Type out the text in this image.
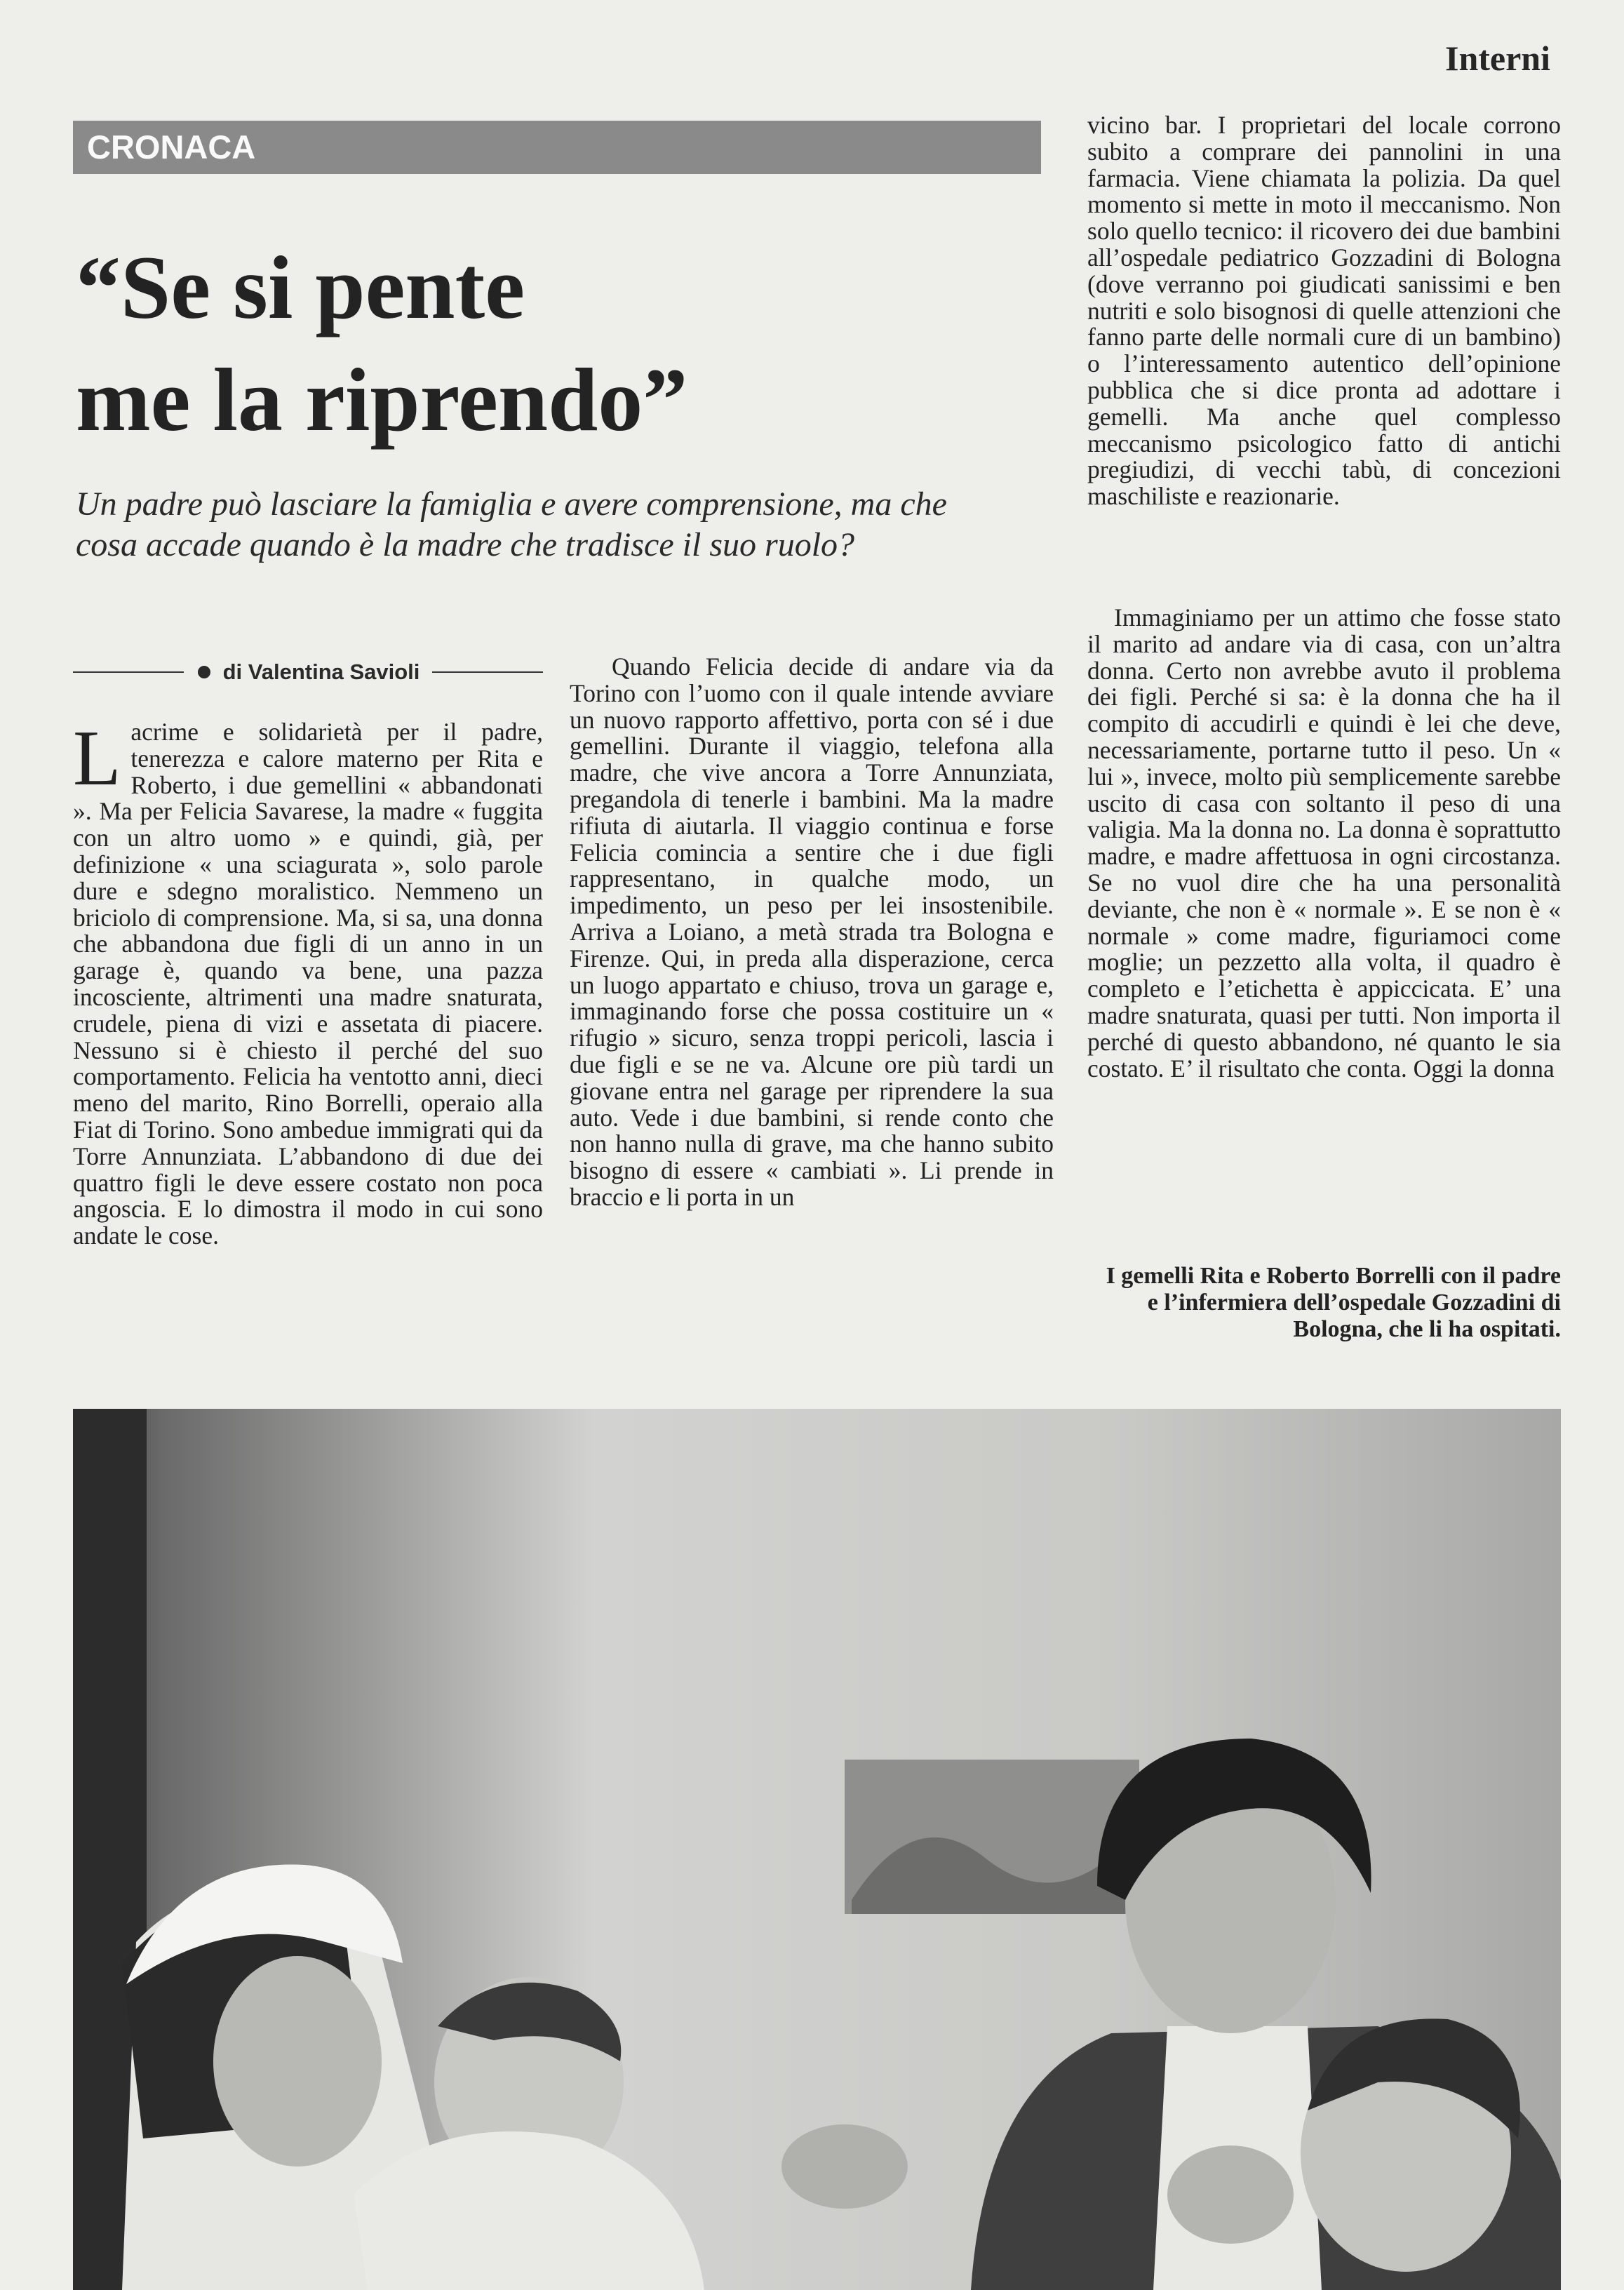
Interni
CRONACA
“Se si pente
me la riprendo”

Un padre può lasciare la famiglia e avere comprensione, ma che cosa accade quando è la madre che tradisce il suo ruolo?

di Valentina Savioli

Lacrime e solidarietà per il padre, tenerezza e calore materno per Rita e Roberto, i due gemellini « abbandonati ». Ma per Felicia Savarese, la madre « fuggita con un altro uomo » e quindi, già, per definizione « una sciagurata », solo parole dure e sdegno moralistico. Nemmeno un briciolo di comprensione. Ma, si sa, una donna che abbandona due figli di un anno in un garage è, quando va bene, una pazza incosciente, altrimenti una madre snaturata, crudele, piena di vizi e assetata di piacere. Nessuno si è chiesto il perché del suo comportamento. Felicia ha ventotto anni, dieci meno del marito, Rino Borrelli, operaio alla Fiat di Torino. Sono ambedue immigrati qui da Torre Annunziata. L’abbandono di due dei quattro figli le deve essere costato non poca angoscia. E lo dimostra il modo in cui sono andate le cose.

Quando Felicia decide di andare via da Torino con l’uomo con il quale intende avviare un nuovo rapporto affettivo, porta con sé i due gemellini. Durante il viaggio, telefona alla madre, che vive ancora a Torre Annunziata, pregandola di tenerle i bambini. Ma la madre rifiuta di aiutarla. Il viaggio continua e forse Felicia comincia a sentire che i due figli rappresentano, in qualche modo, un impedimento, un peso per lei insostenibile. Arriva a Loiano, a metà strada tra Bologna e Firenze. Qui, in preda alla disperazione, cerca un luogo appartato e chiuso, trova un garage e, immaginando forse che possa costituire un « rifugio » sicuro, senza troppi pericoli, lascia i due figli e se ne va. Alcune ore più tardi un giovane entra nel garage per riprendere la sua auto. Vede i due bambini, si rende conto che non hanno nulla di grave, ma che hanno subito bisogno di essere « cambiati ». Li prende in braccio e li porta in un

vicino bar. I proprietari del locale corrono subito a comprare dei pannolini in una farmacia. Viene chiamata la polizia. Da quel momento si mette in moto il meccanismo. Non solo quello tecnico: il ricovero dei due bambini all’ospedale pediatrico Gozzadini di Bologna (dove verranno poi giudicati sanissimi e ben nutriti e solo bisognosi di quelle attenzioni che fanno parte delle normali cure di un bambino) o l’interessamento autentico dell’opinione pubblica che si dice pronta ad adottare i gemelli. Ma anche quel complesso meccanismo psicologico fatto di antichi pregiudizi, di vecchi tabù, di concezioni maschiliste e reazionarie.

Immaginiamo per un attimo che fosse stato il marito ad andare via di casa, con un’altra donna. Certo non avrebbe avuto il problema dei figli. Perché si sa: è la donna che ha il compito di accudirli e quindi è lei che deve, necessariamente, portarne tutto il peso. Un « lui », invece, molto più semplicemente sarebbe uscito di casa con soltanto il peso di una valigia. Ma la donna no. La donna è soprattutto madre, e madre affettuosa in ogni circostanza. Se no vuol dire che ha una personalità deviante, che non è « normale ». E se non è « normale » come madre, figuriamoci come moglie; un pezzetto alla volta, il quadro è completo e l’etichetta è appiccicata. E’ una madre snaturata, quasi per tutti. Non importa il perché di questo abbandono, né quanto le sia costato. E’ il risultato che conta. Oggi la donna

I gemelli Rita e Roberto Borrelli con il padre e l’infermiera dell’ospedale Gozzadini di Bologna, che li ha ospitati.
